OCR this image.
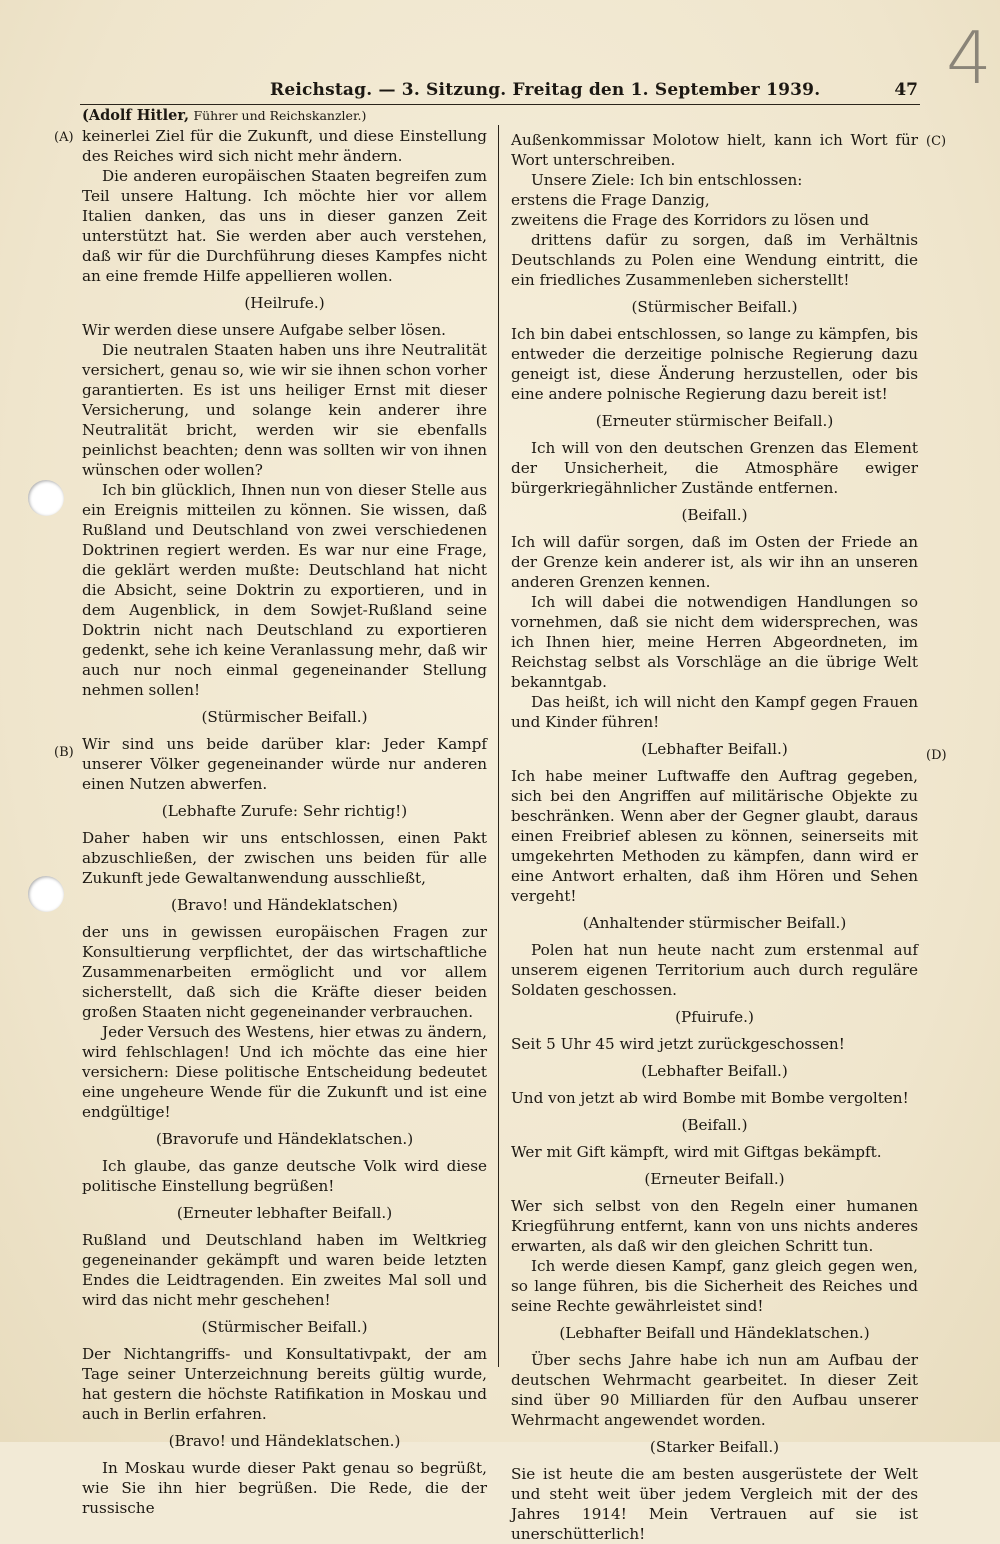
4
Reichstag. — 3. Sitzung. Freitag den 1. September 1939.	47
(A)
(B)
(C)
(D)

(Adolf Hitler, Führer und Reichskanzler.)

keinerlei Ziel für die Zukunft, und diese Einstellung des Reiches wird sich nicht mehr ändern.

Die anderen europäischen Staaten begreifen zum Teil unsere Haltung. Ich möchte hier vor allem Italien danken, das uns in dieser ganzen Zeit unterstützt hat. Sie werden aber auch verstehen, daß wir für die Durchführung dieses Kampfes nicht an eine fremde Hilfe appellieren wollen.

(Heilrufe.)

Wir werden diese unsere Aufgabe selber lösen.

Die neutralen Staaten haben uns ihre Neutralität versichert, genau so, wie wir sie ihnen schon vorher garantierten. Es ist uns heiliger Ernst mit dieser Versicherung, und solange kein anderer ihre Neutralität bricht, werden wir sie ebenfalls peinlichst beachten; denn was sollten wir von ihnen wünschen oder wollen?

Ich bin glücklich, Ihnen nun von dieser Stelle aus ein Ereignis mitteilen zu können. Sie wissen, daß Rußland und Deutschland von zwei verschiedenen Doktrinen regiert werden. Es war nur eine Frage, die geklärt werden mußte: Deutschland hat nicht die Absicht, seine Doktrin zu exportieren, und in dem Augenblick, in dem Sowjet-Rußland seine Doktrin nicht nach Deutschland zu exportieren gedenkt, sehe ich keine Veranlassung mehr, daß wir auch nur noch einmal gegeneinander Stellung nehmen sollen!

(Stürmischer Beifall.)

Wir sind uns beide darüber klar: Jeder Kampf unserer Völker gegeneinander würde nur anderen einen Nutzen abwerfen.

(Lebhafte Zurufe: Sehr richtig!)

Daher haben wir uns entschlossen, einen Pakt abzuschließen, der zwischen uns beiden für alle Zukunft jede Gewaltanwendung ausschließt,

(Bravo! und Händeklatschen)

der uns in gewissen europäischen Fragen zur Konsultierung verpflichtet, der das wirtschaftliche Zusammenarbeiten ermöglicht und vor allem sicherstellt, daß sich die Kräfte dieser beiden großen Staaten nicht gegeneinander verbrauchen.

Jeder Versuch des Westens, hier etwas zu ändern, wird fehlschlagen! Und ich möchte das eine hier versichern: Diese politische Entscheidung bedeutet eine ungeheure Wende für die Zukunft und ist eine endgültige!

(Bravorufe und Händeklatschen.)

Ich glaube, das ganze deutsche Volk wird diese politische Einstellung begrüßen!

(Erneuter lebhafter Beifall.)

Rußland und Deutschland haben im Weltkrieg gegeneinander gekämpft und waren beide letzten Endes die Leidtragenden. Ein zweites Mal soll und wird das nicht mehr geschehen!

(Stürmischer Beifall.)

Der Nichtangriffs- und Konsultativpakt, der am Tage seiner Unterzeichnung bereits gültig wurde, hat gestern die höchste Ratifikation in Moskau und auch in Berlin erfahren.

(Bravo! und Händeklatschen.)

In Moskau wurde dieser Pakt genau so begrüßt, wie Sie ihn hier begrüßen. Die Rede, die der russische

Außenkommissar Molotow hielt, kann ich Wort für Wort unterschreiben.

Unsere Ziele: Ich bin entschlossen:

erstens die Frage Danzig,

zweitens die Frage des Korridors zu lösen und

drittens dafür zu sorgen, daß im Verhältnis Deutschlands zu Polen eine Wendung eintritt, die ein friedliches Zusammenleben sicherstellt!

(Stürmischer Beifall.)

Ich bin dabei entschlossen, so lange zu kämpfen, bis entweder die derzeitige polnische Regierung dazu geneigt ist, diese Änderung herzustellen, oder bis eine andere polnische Regierung dazu bereit ist!

(Erneuter stürmischer Beifall.)

Ich will von den deutschen Grenzen das Element der Unsicherheit, die Atmosphäre ewiger bürgerkriegähnlicher Zustände entfernen.

(Beifall.)

Ich will dafür sorgen, daß im Osten der Friede an der Grenze kein anderer ist, als wir ihn an unseren anderen Grenzen kennen.

Ich will dabei die notwendigen Handlungen so vornehmen, daß sie nicht dem widersprechen, was ich Ihnen hier, meine Herren Abgeordneten, im Reichstag selbst als Vorschläge an die übrige Welt bekanntgab.

Das heißt, ich will nicht den Kampf gegen Frauen und Kinder führen!

(Lebhafter Beifall.)

Ich habe meiner Luftwaffe den Auftrag gegeben, sich bei den Angriffen auf militärische Objekte zu beschränken. Wenn aber der Gegner glaubt, daraus einen Freibrief ablesen zu können, seinerseits mit umgekehrten Methoden zu kämpfen, dann wird er eine Antwort erhalten, daß ihm Hören und Sehen vergeht!

(Anhaltender stürmischer Beifall.)

Polen hat nun heute nacht zum erstenmal auf unserem eigenen Territorium auch durch reguläre Soldaten geschossen.

(Pfuirufe.)

Seit 5 Uhr 45 wird jetzt zurückgeschossen!

(Lebhafter Beifall.)

Und von jetzt ab wird Bombe mit Bombe vergolten!

(Beifall.)

Wer mit Gift kämpft, wird mit Giftgas bekämpft.

(Erneuter Beifall.)

Wer sich selbst von den Regeln einer humanen Kriegführung entfernt, kann von uns nichts anderes erwarten, als daß wir den gleichen Schritt tun.

Ich werde diesen Kampf, ganz gleich gegen wen, so lange führen, bis die Sicherheit des Reiches und seine Rechte gewährleistet sind!

(Lebhafter Beifall und Händeklatschen.)

Über sechs Jahre habe ich nun am Aufbau der deutschen Wehrmacht gearbeitet. In dieser Zeit sind über 90 Milliarden für den Aufbau unserer Wehrmacht angewendet worden.

(Starker Beifall.)

Sie ist heute die am besten ausgerüstete der Welt und steht weit über jedem Vergleich mit der des Jahres 1914! Mein Vertrauen auf sie ist unerschütterlich!
